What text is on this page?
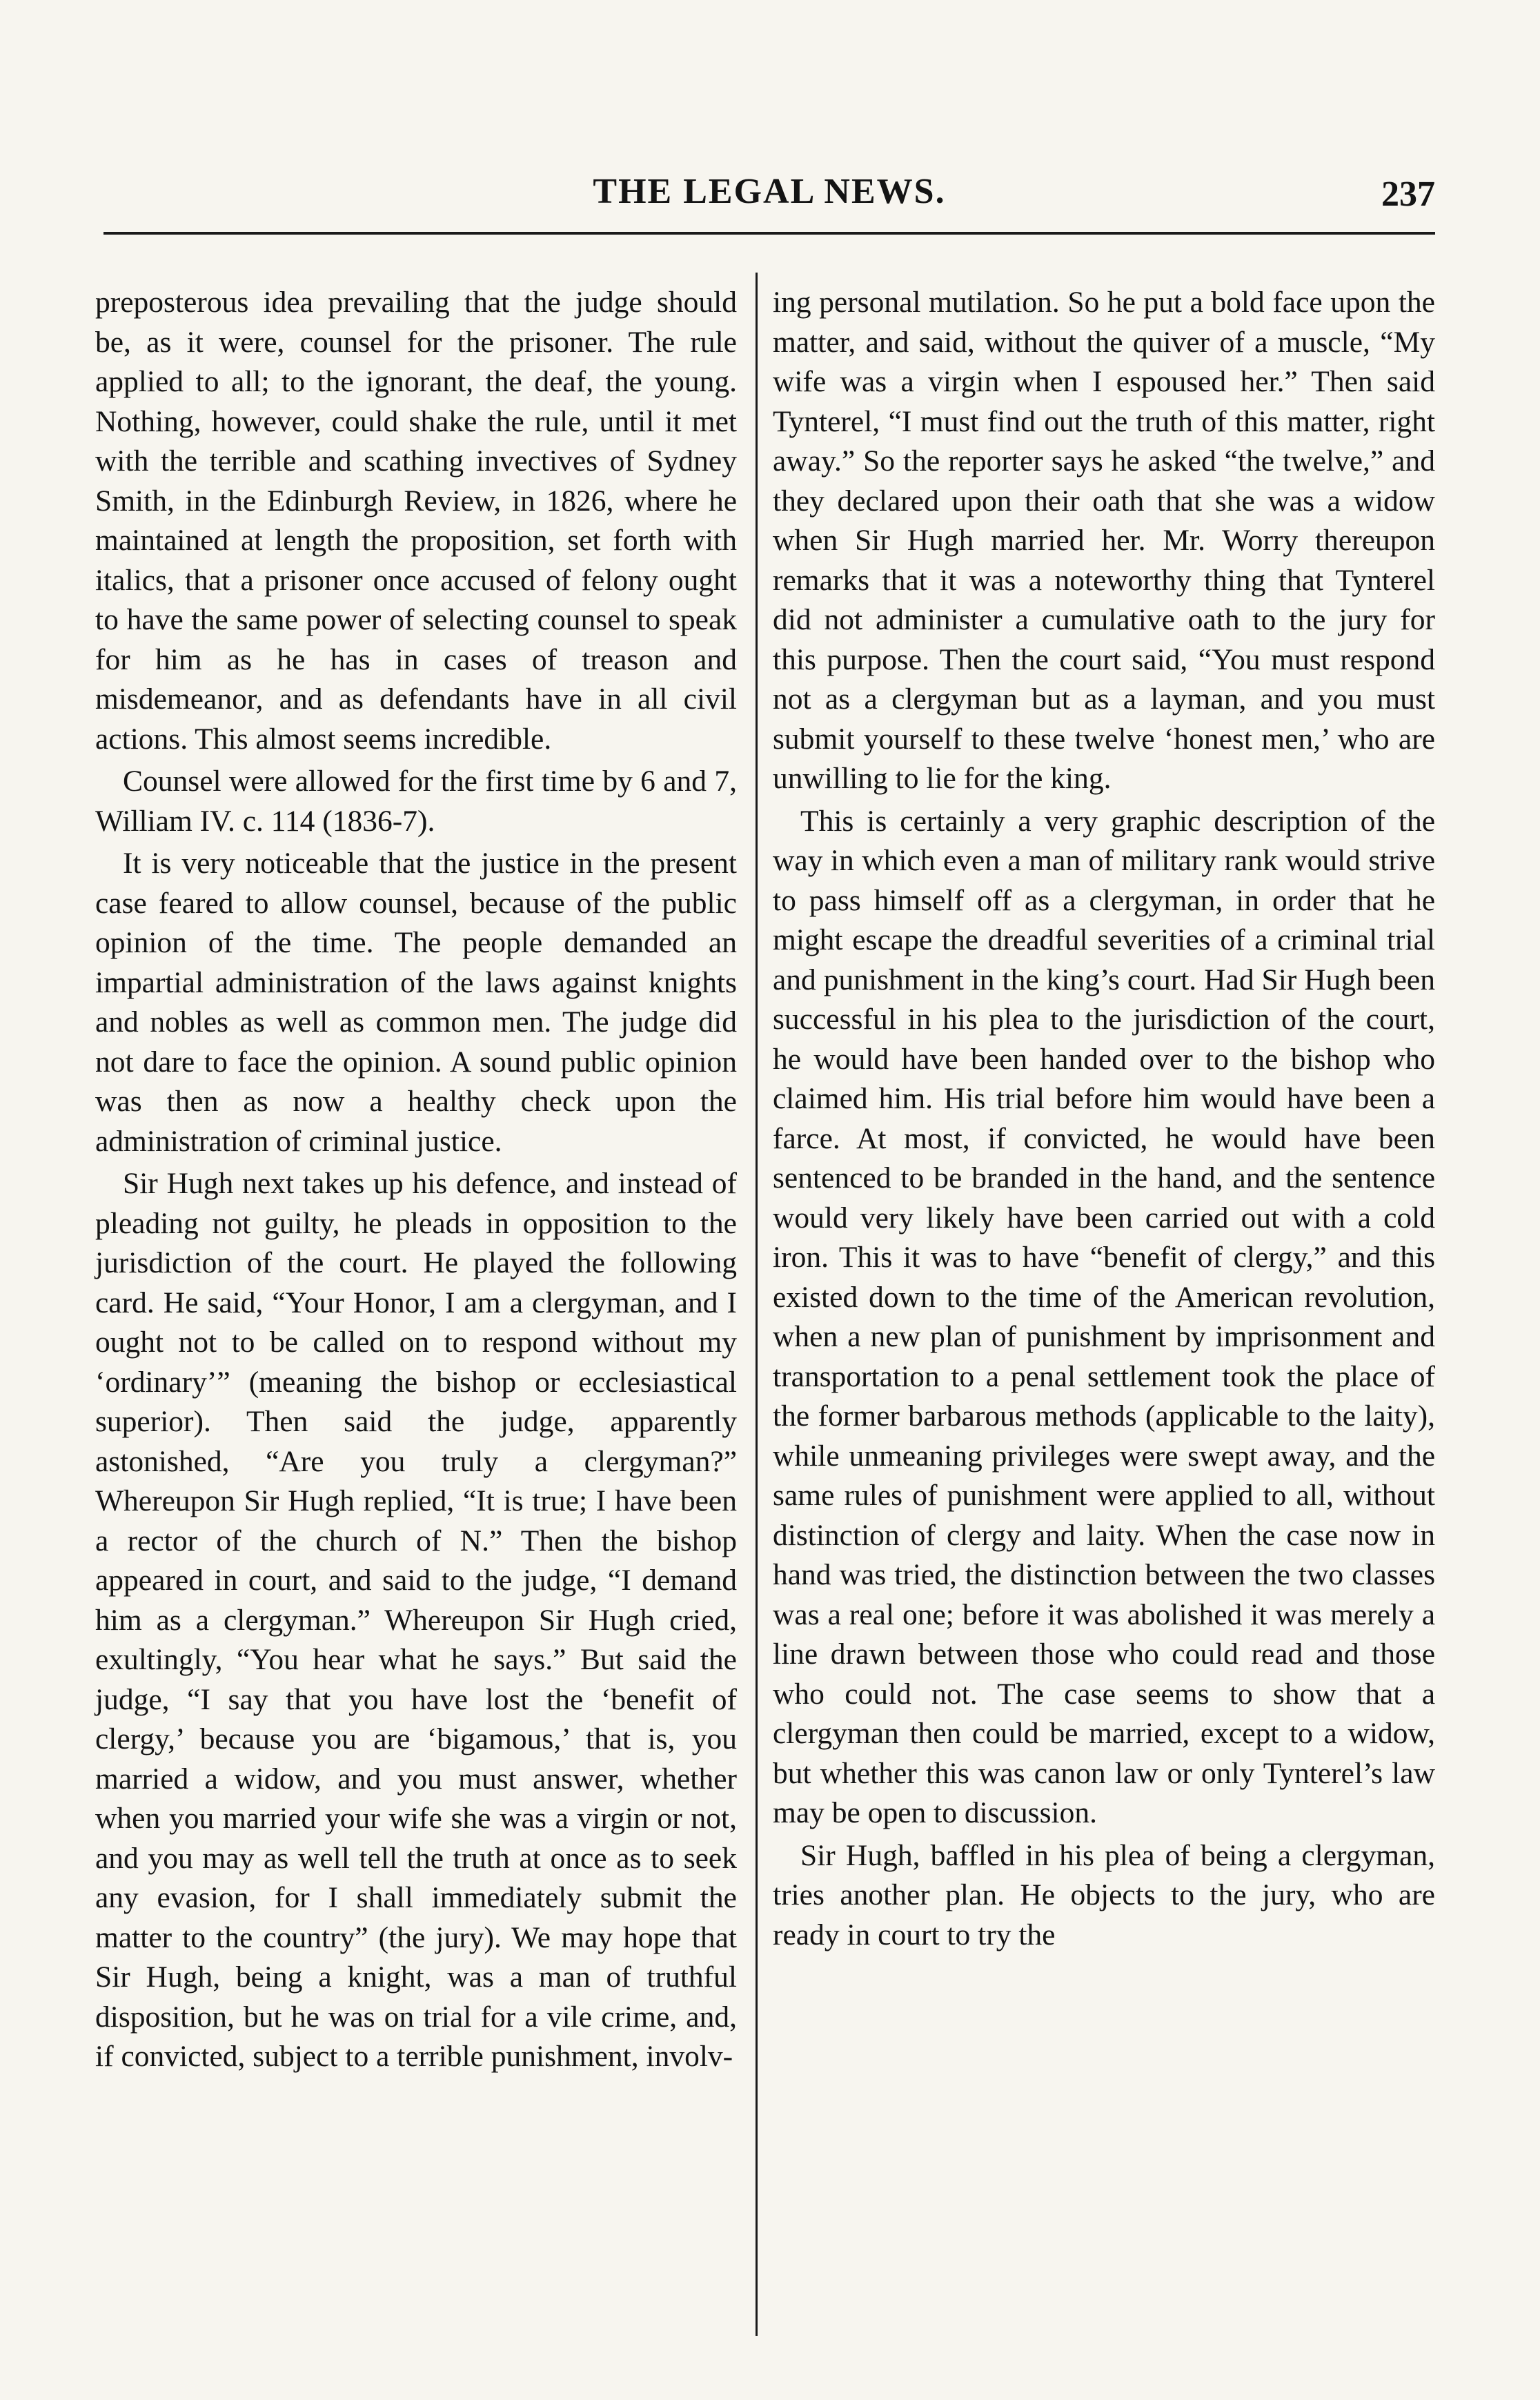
THE LEGAL NEWS.	237

preposterous idea prevailing that the judge should be, as it were, counsel for the prisoner. The rule applied to all; to the ignorant, the deaf, the young. Nothing, however, could shake the rule, until it met with the terrible and scathing invectives of Sydney Smith, in the Edinburgh Review, in 1826, where he maintained at length the proposition, set forth with italics, that a prisoner once accused of felony ought to have the same power of selecting counsel to speak for him as he has in cases of treason and misdemeanor, and as defendants have in all civil actions. This almost seems incredible.

Counsel were allowed for the first time by 6 and 7, William IV. c. 114 (1836-7).

It is very noticeable that the justice in the present case feared to allow counsel, because of the public opinion of the time. The people demanded an impartial administration of the laws against knights and nobles as well as common men. The judge did not dare to face the opinion. A sound public opinion was then as now a healthy check upon the administration of criminal justice.

Sir Hugh next takes up his defence, and instead of pleading not guilty, he pleads in opposition to the jurisdiction of the court. He played the following card. He said, “Your Honor, I am a clergyman, and I ought not to be called on to respond without my ‘ordinary’” (meaning the bishop or ecclesiastical superior). Then said the judge, apparently astonished, “Are you truly a clergyman?” Whereupon Sir Hugh replied, “It is true; I have been a rector of the church of N.” Then the bishop appeared in court, and said to the judge, “I demand him as a clergyman.” Whereupon Sir Hugh cried, exultingly, “You hear what he says.” But said the judge, “I say that you have lost the ‘benefit of clergy,’ because you are ‘bigamous,’ that is, you married a widow, and you must answer, whether when you married your wife she was a virgin or not, and you may as well tell the truth at once as to seek any evasion, for I shall immediately submit the matter to the country” (the jury). We may hope that Sir Hugh, being a knight, was a man of truthful disposition, but he was on trial for a vile crime, and, if convicted, subject to a terrible punishment, involv-

ing personal mutilation. So he put a bold face upon the matter, and said, without the quiver of a muscle, “My wife was a virgin when I espoused her.” Then said Tynterel, “I must find out the truth of this matter, right away.” So the reporter says he asked “the twelve,” and they declared upon their oath that she was a widow when Sir Hugh married her. Mr. Worry thereupon remarks that it was a noteworthy thing that Tynterel did not administer a cumulative oath to the jury for this purpose. Then the court said, “You must respond not as a clergyman but as a layman, and you must submit yourself to these twelve ‘honest men,’ who are unwilling to lie for the king.

This is certainly a very graphic description of the way in which even a man of military rank would strive to pass himself off as a clergyman, in order that he might escape the dreadful severities of a criminal trial and punishment in the king’s court. Had Sir Hugh been successful in his plea to the jurisdiction of the court, he would have been handed over to the bishop who claimed him. His trial before him would have been a farce. At most, if convicted, he would have been sentenced to be branded in the hand, and the sentence would very likely have been carried out with a cold iron. This it was to have “benefit of clergy,” and this existed down to the time of the American revolution, when a new plan of punishment by imprisonment and transportation to a penal settlement took the place of the former barbarous methods (applicable to the laity), while unmeaning privileges were swept away, and the same rules of punishment were applied to all, without distinction of clergy and laity. When the case now in hand was tried, the distinction between the two classes was a real one; before it was abolished it was merely a line drawn between those who could read and those who could not. The case seems to show that a clergyman then could be married, except to a widow, but whether this was canon law or only Tynterel’s law may be open to discussion.

Sir Hugh, baffled in his plea of being a clergyman, tries another plan. He objects to the jury, who are ready in court to try the
